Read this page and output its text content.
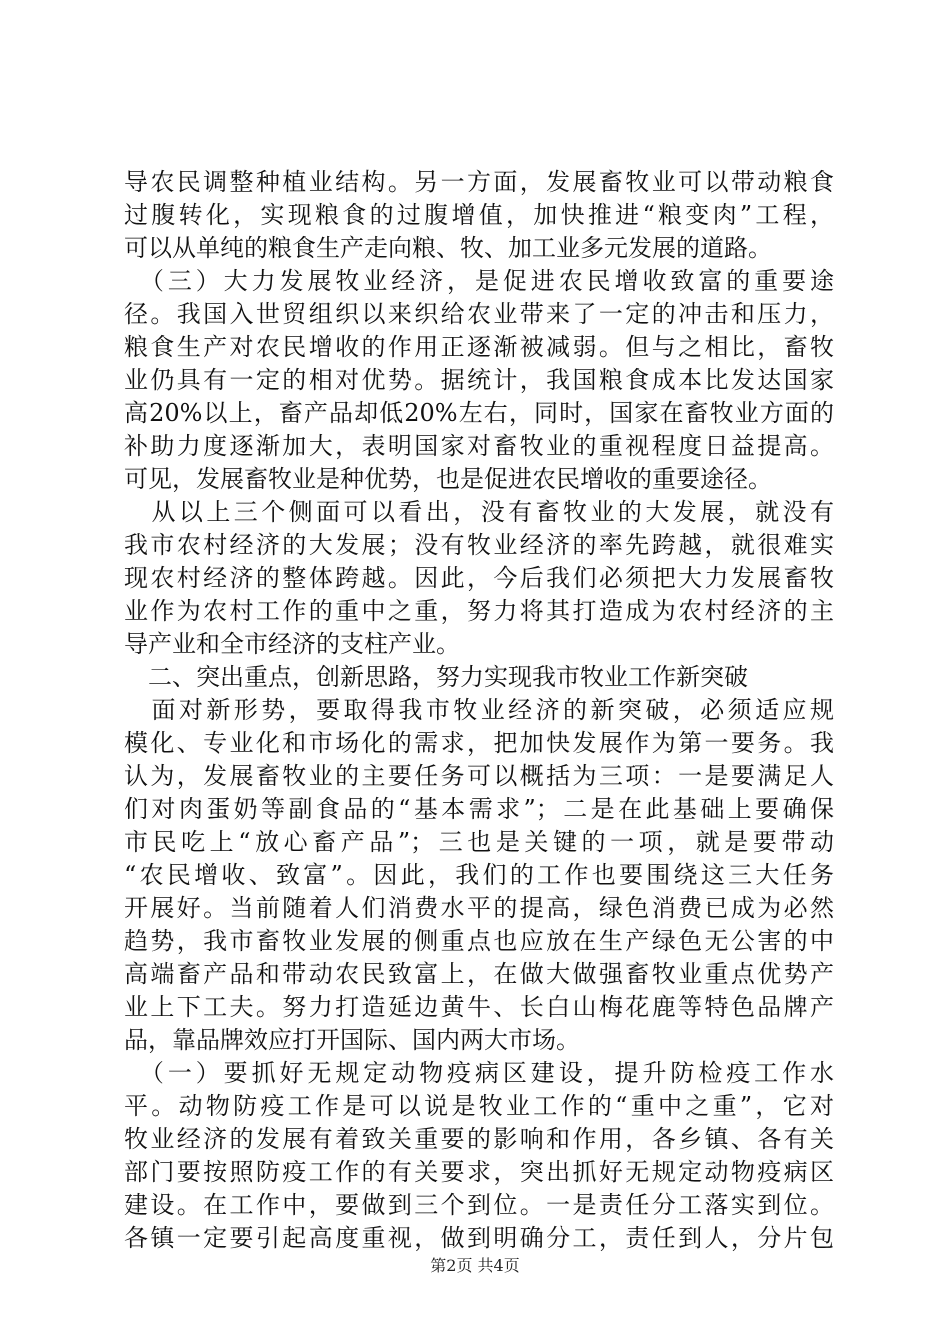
导农民调整种植业结构。另一方面，发展畜牧业可以带动粮食
过腹转化，实现粮食的过腹增值，加快推进“粮变肉”工程，
可以从单纯的粮食生产走向粮、牧、加工业多元发展的道路。
　（三）大力发展牧业经济，是促进农民增收致富的重要途
径。我国入世贸组织以来织给农业带来了一定的冲击和压力，
粮食生产对农民增收的作用正逐渐被减弱。但与之相比，畜牧
业仍具有一定的相对优势。据统计，我国粮食成本比发达国家
高20%以上，畜产品却低20%左右，同时，国家在畜牧业方面的
补助力度逐渐加大，表明国家对畜牧业的重视程度日益提高。
可见，发展畜牧业是种优势，也是促进农民增收的重要途径。
　从以上三个侧面可以看出，没有畜牧业的大发展，就没有
我市农村经济的大发展；没有牧业经济的率先跨越，就很难实
现农村经济的整体跨越。因此，今后我们必须把大力发展畜牧
业作为农村工作的重中之重，努力将其打造成为农村经济的主
导产业和全市经济的支柱产业。
　二、突出重点，创新思路，努力实现我市牧业工作新突破
　面对新形势，要取得我市牧业经济的新突破，必须适应规
模化、专业化和市场化的需求，把加快发展作为第一要务。我
认为，发展畜牧业的主要任务可以概括为三项：一是要满足人
们对肉蛋奶等副食品的“基本需求”；二是在此基础上要确保
市民吃上“放心畜产品”；三也是关键的一项，就是要带动
“农民增收、致富”。因此，我们的工作也要围绕这三大任务
开展好。当前随着人们消费水平的提高，绿色消费已成为必然
趋势，我市畜牧业发展的侧重点也应放在生产绿色无公害的中
高端畜产品和带动农民致富上，在做大做强畜牧业重点优势产
业上下工夫。努力打造延边黄牛、长白山梅花鹿等特色品牌产
品，靠品牌效应打开国际、国内两大市场。
　（一）要抓好无规定动物疫病区建设，提升防检疫工作水
平。动物防疫工作是可以说是牧业工作的“重中之重”，它对
牧业经济的发展有着致关重要的影响和作用，各乡镇、各有关
部门要按照防疫工作的有关要求，突出抓好无规定动物疫病区
建设。在工作中，要做到三个到位。一是责任分工落实到位。
各镇一定要引起高度重视，做到明确分工，责任到人，分片包
第2页 共4页
